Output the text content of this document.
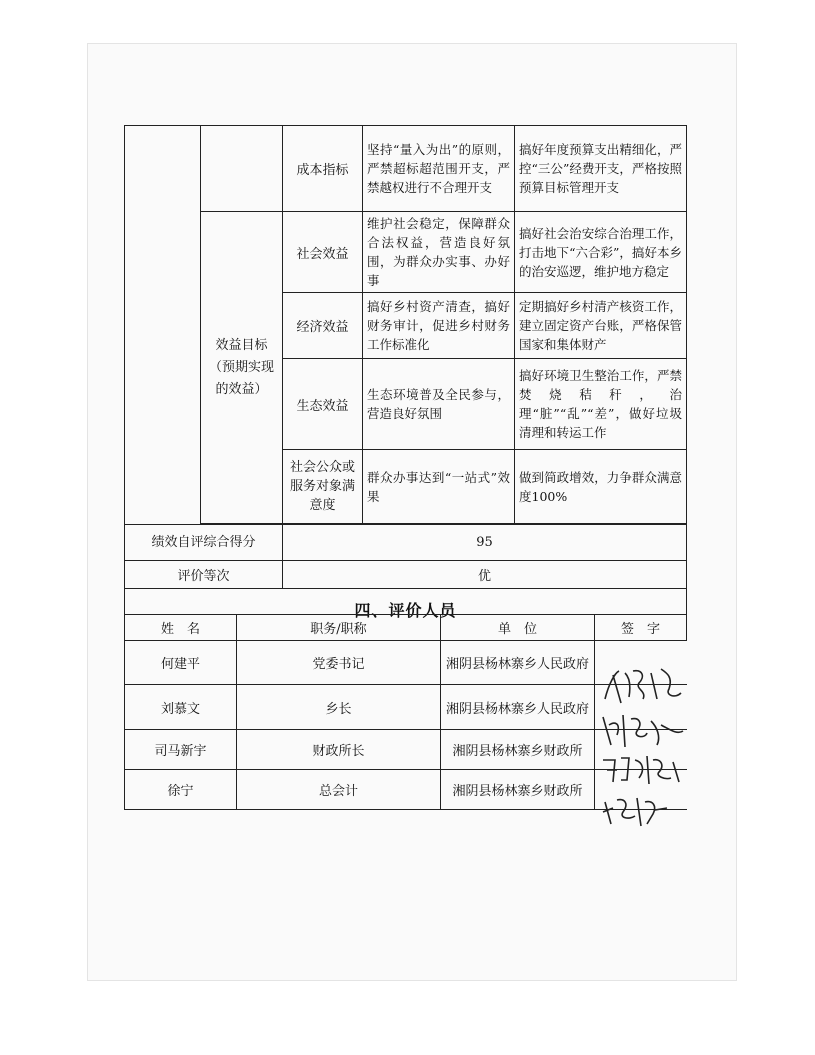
		成本指标	坚持“量入为出”的原则，严禁超标超范围开支，严禁越权进行不合理开支	搞好年度预算支出精细化，严控“三公”经费开支，严格按照预算目标管理开支
	效益目标（预期实现的效益）	社会效益	维护社会稳定，保障群众合法权益，营造良好氛围，为群众办实事、办好事	搞好社会治安综合治理工作，打击地下“六合彩”，搞好本乡的治安巡逻，维护地方稳定
		经济效益	搞好乡村资产清查，搞好财务审计，促进乡村财务工作标准化	定期搞好乡村清产核资工作，建立固定资产台账，严格保管国家和集体财产
		生态效益	生态环境普及全民参与，营造良好氛围	搞好环境卫生整治工作，严禁焚烧秸秆，治理“脏”“乱”“差”，做好垃圾清理和转运工作
		社会公众或服务对象满意度	群众办事达到“一站式”效果	做到简政增效，力争群众满意度100%

绩效自评综合得分		95		
评价等次		优		
四、评价人员				
姓　名	职务/职称	单　位	签　字
何建平	党委书记	湘阴县杨林寨乡人民政府	

刘慕文	乡长	湘阴县杨林寨乡人民政府	

司马新宇	财政所长	湘阴县杨林寨乡财政所	

徐宁	总会计	湘阴县杨林寨乡财政所	
